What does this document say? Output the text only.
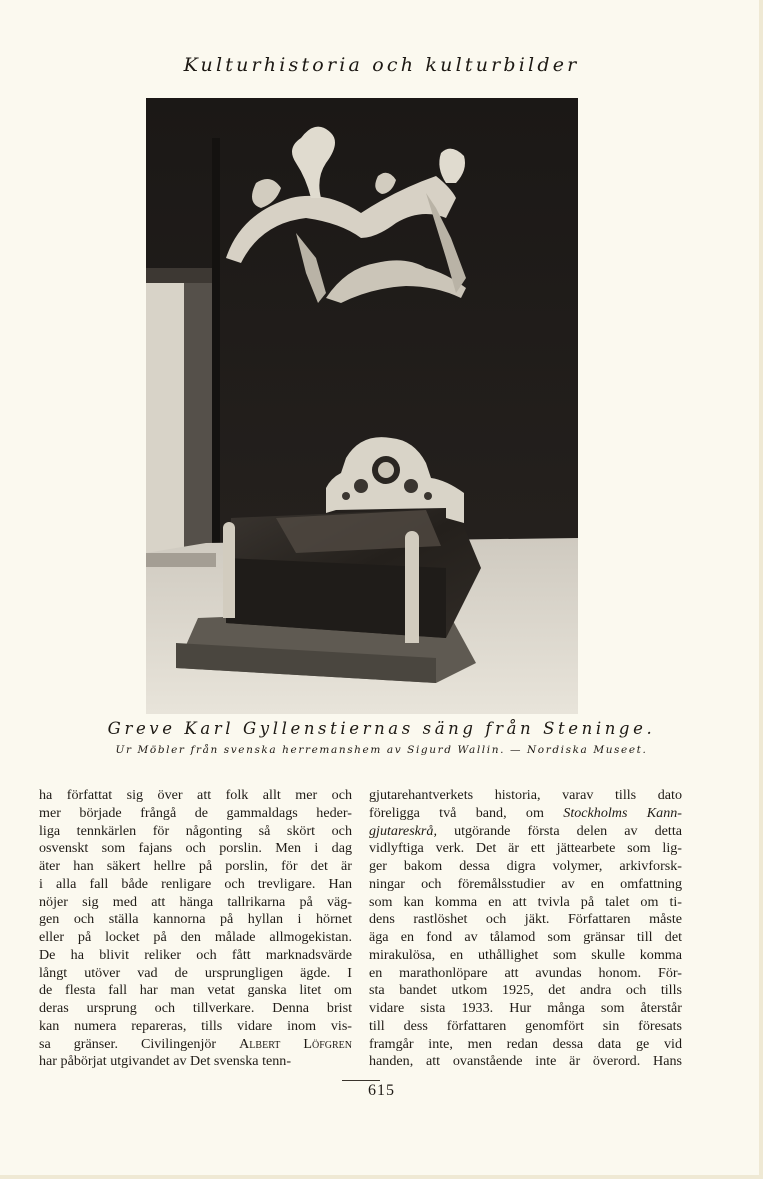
Kulturhistoria och kulturbilder
Greve Karl Gyllenstiernas säng från Steninge.
Ur Möbler från svenska herremanshem av Sigurd Wallin. — Nordiska Museet.
ha författat sig över att folk allt mer och
mer började frångå de gammaldags heder-
liga tennkärlen för någonting så skört och
osvenskt som fajans och porslin. Men i dag
äter han säkert hellre på porslin, för det är
i alla fall både renligare och trevligare. Han
nöjer sig med att hänga tallrikarna på väg-
gen och ställa kannorna på hyllan i hörnet
eller på locket på den målade allmogekistan.
De ha blivit reliker och fått marknadsvärde
långt utöver vad de ursprungligen ägde. I
de flesta fall har man vetat ganska litet om
deras ursprung och tillverkare. Denna brist
kan numera repareras, tills vidare inom vis-
sa gränser. Civilingenjör Albert Löfgren
har påbörjat utgivandet av Det svenska tenn-
gjutarehantverkets historia, varav tills dato
föreligga två band, om Stockholms Kann-
gjutareskrå, utgörande första delen av detta
vidlyftiga verk. Det är ett jättearbete som lig-
ger bakom dessa digra volymer, arkivforsk-
ningar och föremålsstudier av en omfattning
som kan komma en att tvivla på talet om ti-
dens rastlöshet och jäkt. Författaren måste
äga en fond av tålamod som gränsar till det
mirakulösa, en uthållighet som skulle komma
en marathonlöpare att avundas honom. För-
sta bandet utkom 1925, det andra och tills
vidare sista 1933. Hur många som återstår
till dess författaren genomfört sin föresats
framgår inte, men redan dessa data ge vid
handen, att ovanstående inte är överord. Hans
615
